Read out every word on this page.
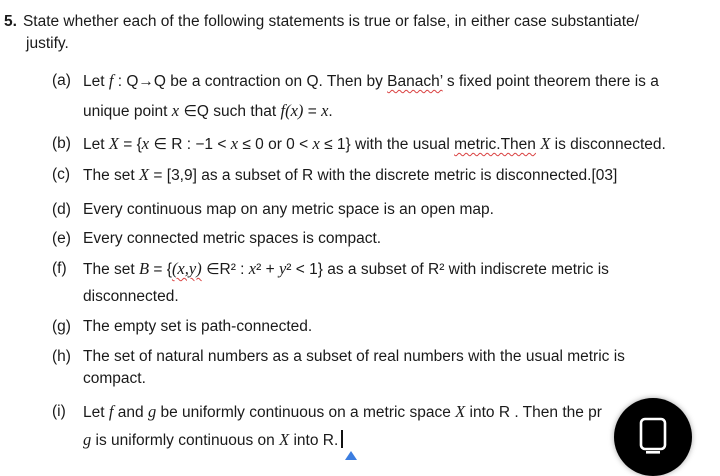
5. State whether each of the following statements is true or false, in either case substantiate/
justify.
(a) Let f : Q→Q be a contraction on Q. Then by Banach’ s fixed point theorem there is a
unique point x ∈Q such that f(x) = x.
(b) Let X = {x ∈ R : −1 < x ≤ 0 or 0 < x ≤ 1} with the usual metric.Then X is disconnected.
(c) The set X = [3,9] as a subset of R with the discrete metric is disconnected.[03]
(d) Every continuous map on any metric space is an open map.
(e) Every connected metric spaces is compact.
(f)	The set B = {(x,y) ∈R² : x² + y² < 1} as a subset of R² with indiscrete metric is
disconnected.
(g) The empty set is path-connected.
(h) The set of natural numbers as a subset of real numbers with the usual metric is
compact.
(i)	Let f and g be uniformly continuous on a metric space X into R . Then the pr
g is uniformly continuous on X into R.
